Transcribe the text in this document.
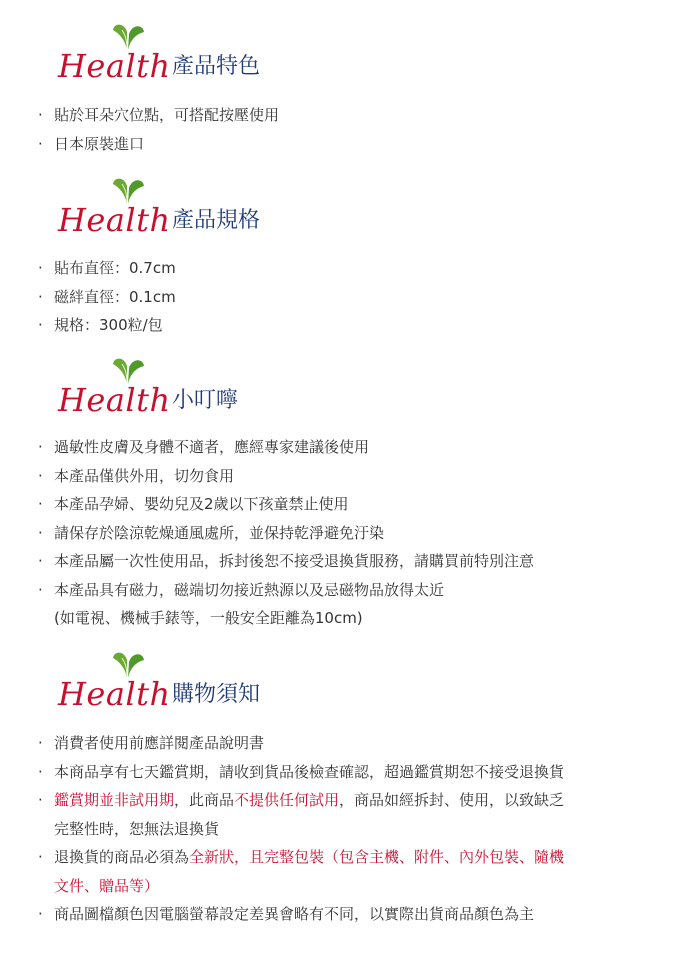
Health 產品特色
· 貼於耳朵穴位點，可搭配按壓使用
· 日本原裝進口
Health 產品規格
· 貼布直徑：0.7cm
· 磁絆直徑：0.1cm
· 規格：300粒/包
Health 小叮嚀
· 過敏性皮膚及身體不適者，應經專家建議後使用
· 本產品僅供外用，切勿食用
· 本產品孕婦、嬰幼兒及2歲以下孩童禁止使用
· 請保存於陰涼乾燥通風處所，並保持乾淨避免汙染
· 本產品屬一次性使用品，拆封後恕不接受退換貨服務，請購買前特別注意
· 本產品具有磁力，磁端切勿接近熱源以及忌磁物品放得太近
(如電視、機械手錶等，一般安全距離為10cm)
Health 購物須知
· 消費者使用前應詳閱產品說明書
· 本商品享有七天鑑賞期，請收到貨品後檢查確認，超過鑑賞期恕不接受退換貨
· 鑑賞期並非試用期，此商品不提供任何試用，商品如經拆封、使用，以致缺乏
完整性時，恕無法退換貨
· 退換貨的商品必須為全新狀，且完整包裝（包含主機、附件、內外包裝、隨機
文件、贈品等）
· 商品圖檔顏色因電腦螢幕設定差異會略有不同，以實際出貨商品顏色為主
